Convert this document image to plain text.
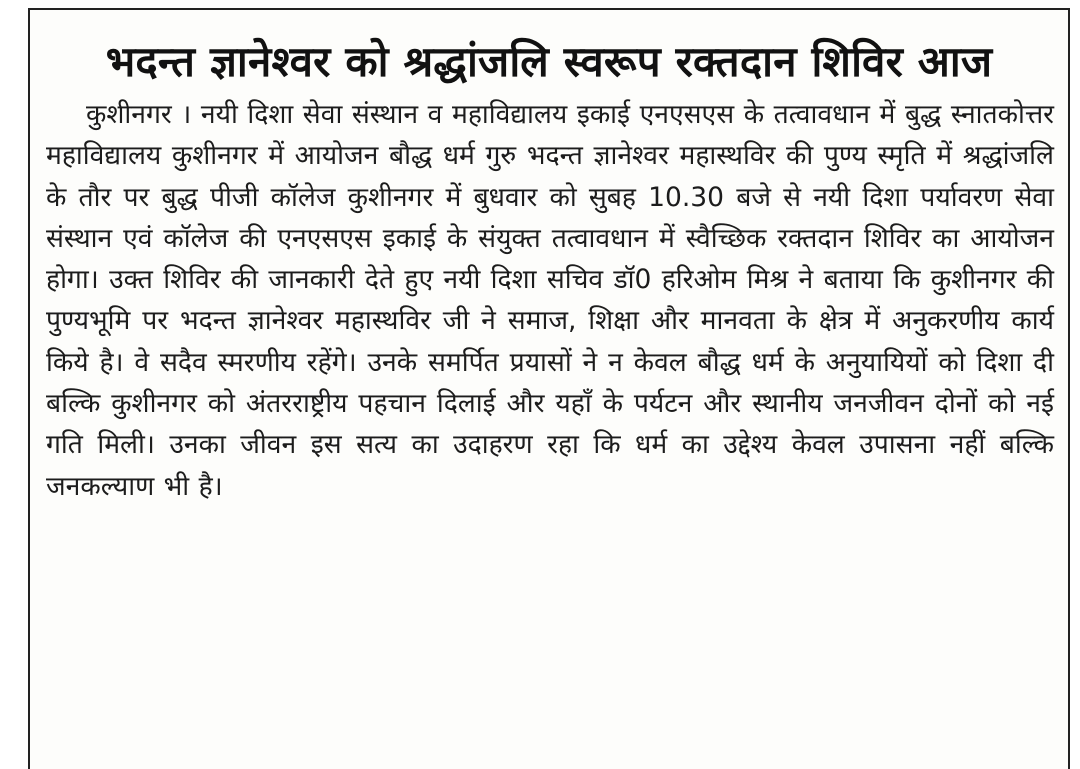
भदन्त ज्ञानेश्वर को श्रद्धांजलि स्वरूप रक्तदान शिविर आज

कुशीनगर । नयी दिशा सेवा संस्थान व महाविद्यालय इकाई एनएसएस के तत्वावधान में बुद्ध स्नातकोत्तर महाविद्यालय कुशीनगर में आयोजन बौद्ध धर्म गुरु भदन्त ज्ञानेश्वर महास्थविर की पुण्य स्मृति में श्रद्धांजलि के तौर पर बुद्ध पीजी कॉलेज कुशीनगर में बुधवार को सुबह 10.30 बजे से नयी दिशा पर्यावरण सेवा संस्थान एवं कॉलेज की एनएसएस इकाई के संयुक्त तत्वावधान में स्वैच्छिक रक्तदान शिविर का आयोजन होगा। उक्त शिविर की जानकारी देते हुए नयी दिशा सचिव डॉ0 हरिओम मिश्र ने बताया कि कुशीनगर की पुण्यभूमि पर भदन्त ज्ञानेश्वर महास्थविर जी ने समाज, शिक्षा और मानवता के क्षेत्र में अनुकरणीय कार्य किये है। वे सदैव स्मरणीय रहेंगे। उनके समर्पित प्रयासों ने न केवल बौद्ध धर्म के अनुयायियों को दिशा दी बल्कि कुशीनगर को अंतरराष्ट्रीय पहचान दिलाई और यहाँ के पर्यटन और स्थानीय जनजीवन दोनों को नई गति मिली। उनका जीवन इस सत्य का उदाहरण रहा कि धर्म का उद्देश्य केवल उपासना नहीं बल्कि जनकल्याण भी है।
